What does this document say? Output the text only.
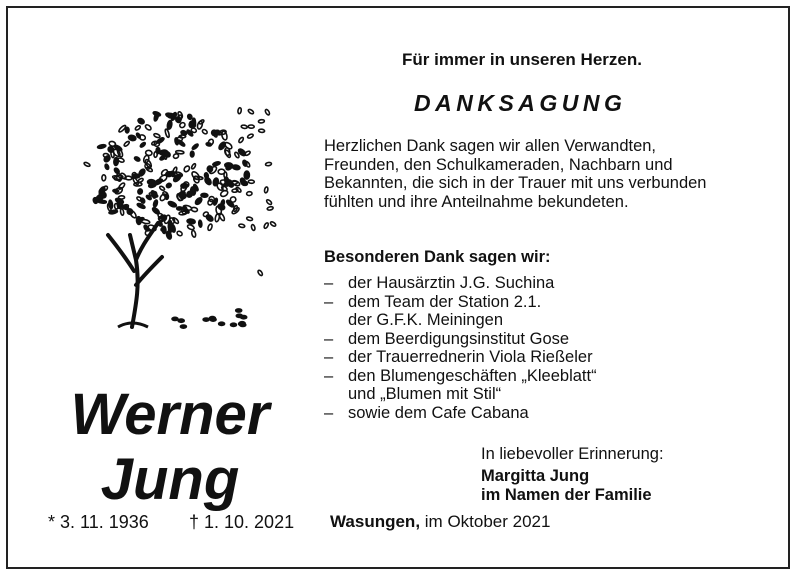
Für immer in unseren Herzen.
DANKSAGUNG
Herzlichen Dank sagen wir allen Verwandten, Freunden, den Schulkameraden, Nachbarn und Bekannten, die sich in der Trauer mit uns verbunden fühlten und ihre Anteilnahme bekundeten.
Besonderen Dank sagen wir:
– der Hausärztin J.G. Suchina
– dem Team der Station 2.1.
der G.F.K. Meiningen
– dem Beerdigungsinstitut Gose
– der Trauerrednerin Viola Rießeler
– den Blumengeschäften „Kleeblatt“
und „Blumen mit Stil“
– sowie dem Cafe Cabana
In liebevoller Erinnerung:
Margitta Jung
im Namen der Familie
Werner
Jung
* 3. 11. 1936 † 1. 10. 2021 Wasungen, im Oktober 2021
